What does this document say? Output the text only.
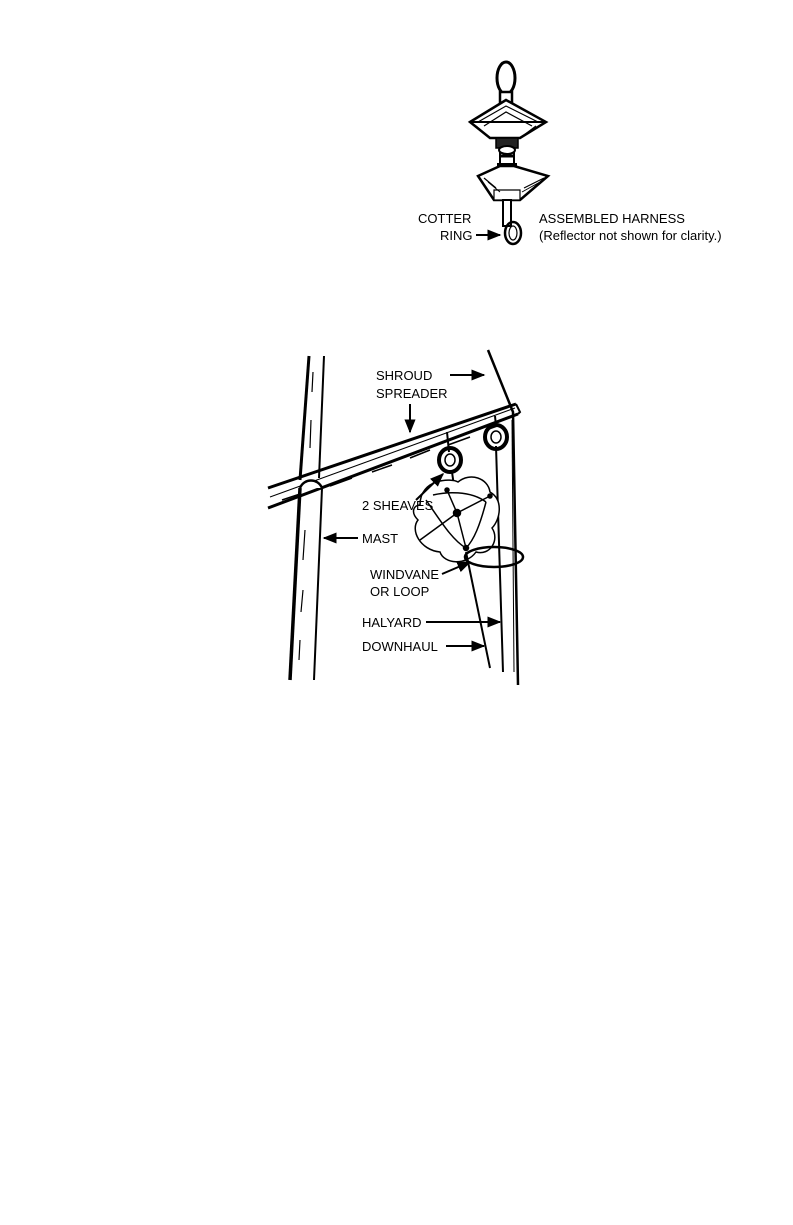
COTTER
RING
ASSEMBLED HARNESS
(Reflector not shown for clarity.)
SHROUD
SPREADER
2 SHEAVES
MAST
WINDVANE
OR LOOP
HALYARD
DOWNHAUL
